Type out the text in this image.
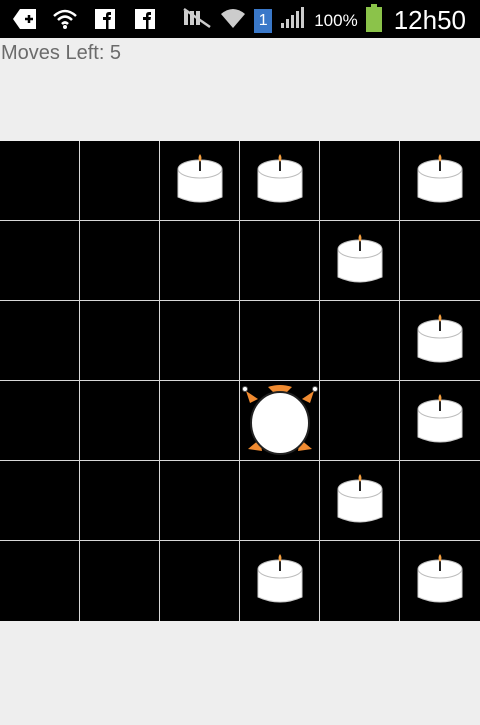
1	100% 12h50
Moves Left: 5
